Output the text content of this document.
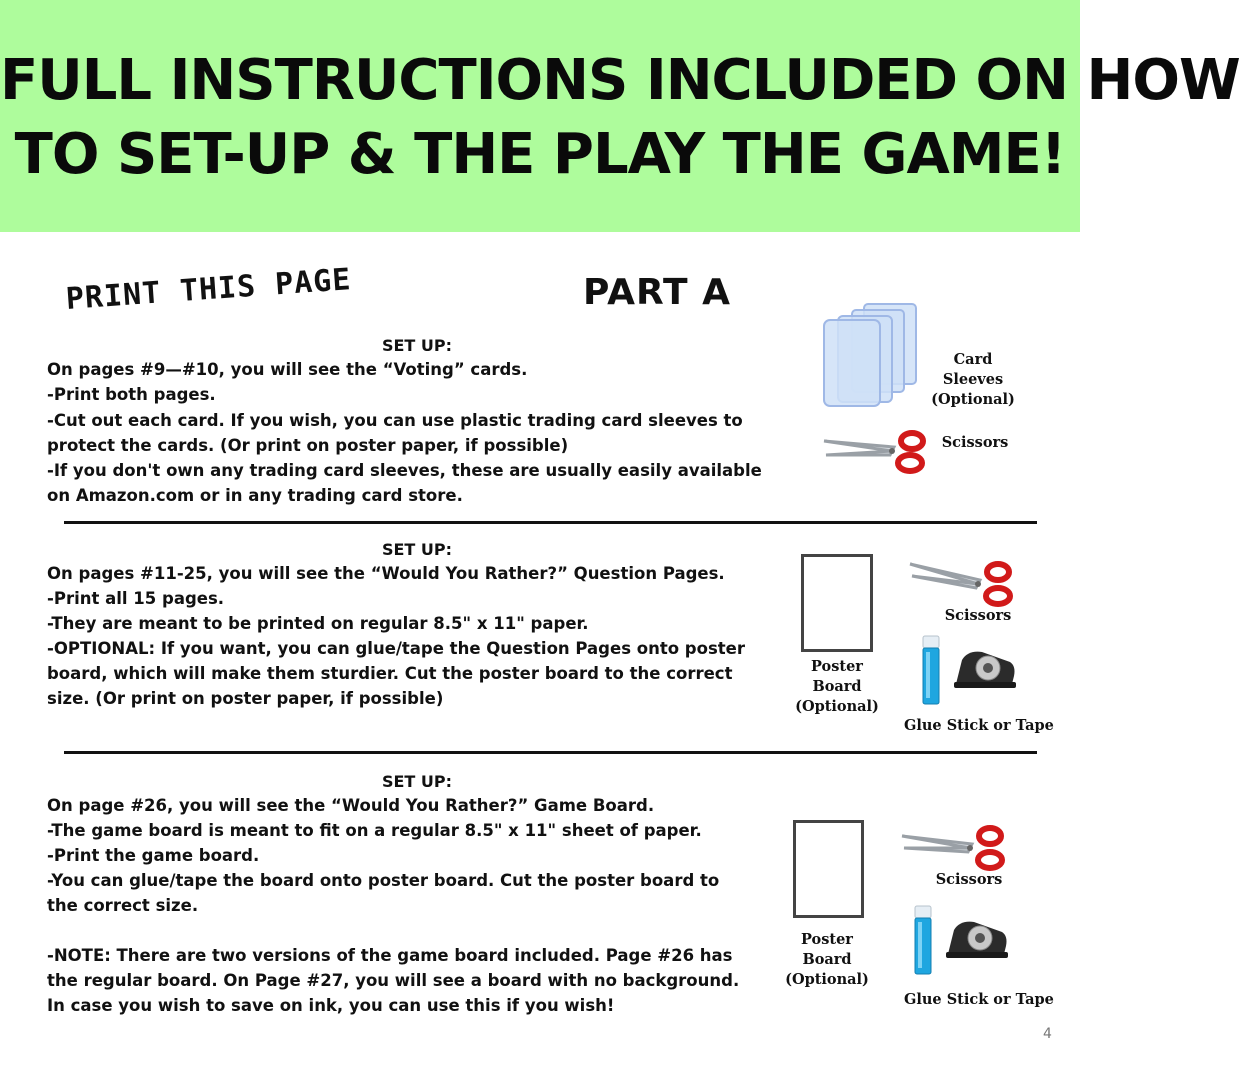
FULL INSTRUCTIONS INCLUDED ON HOW
TO SET-UP & THE PLAY THE GAME!
PRINT THIS PAGE	PART A
SET UP:
On pages #9—#10, you will see the “Voting” cards.
-Print both pages.
-Cut out each card. If you wish, you can use plastic trading card sleeves to
protect the cards. (Or print on poster paper, if possible)
-If you don't own any trading card sleeves, these are usually easily available
on Amazon.com or in any trading card store.
Card
Sleeves
(Optional)
Scissors
SET UP:
On pages #11-25, you will see the “Would You Rather?” Question Pages.
-Print all 15 pages.
-They are meant to be printed on regular 8.5" x 11" paper.
-OPTIONAL: If you want, you can glue/tape the Question Pages onto poster
board, which will make them sturdier. Cut the poster board to the correct
size. (Or print on poster paper, if possible)
Poster
Board
(Optional)
Scissors
Glue Stick or Tape
SET UP:
On page #26, you will see the “Would You Rather?” Game Board.
-The game board is meant to fit on a regular 8.5" x 11" sheet of paper.
-Print the game board.
-You can glue/tape the board onto poster board. Cut the poster board to
the correct size.
-NOTE: There are two versions of the game board included. Page #26 has
the regular board. On Page #27, you will see a board with no background.
In case you wish to save on ink, you can use this if you wish!
Poster
Board
(Optional)
Scissors
Glue Stick or Tape
4
